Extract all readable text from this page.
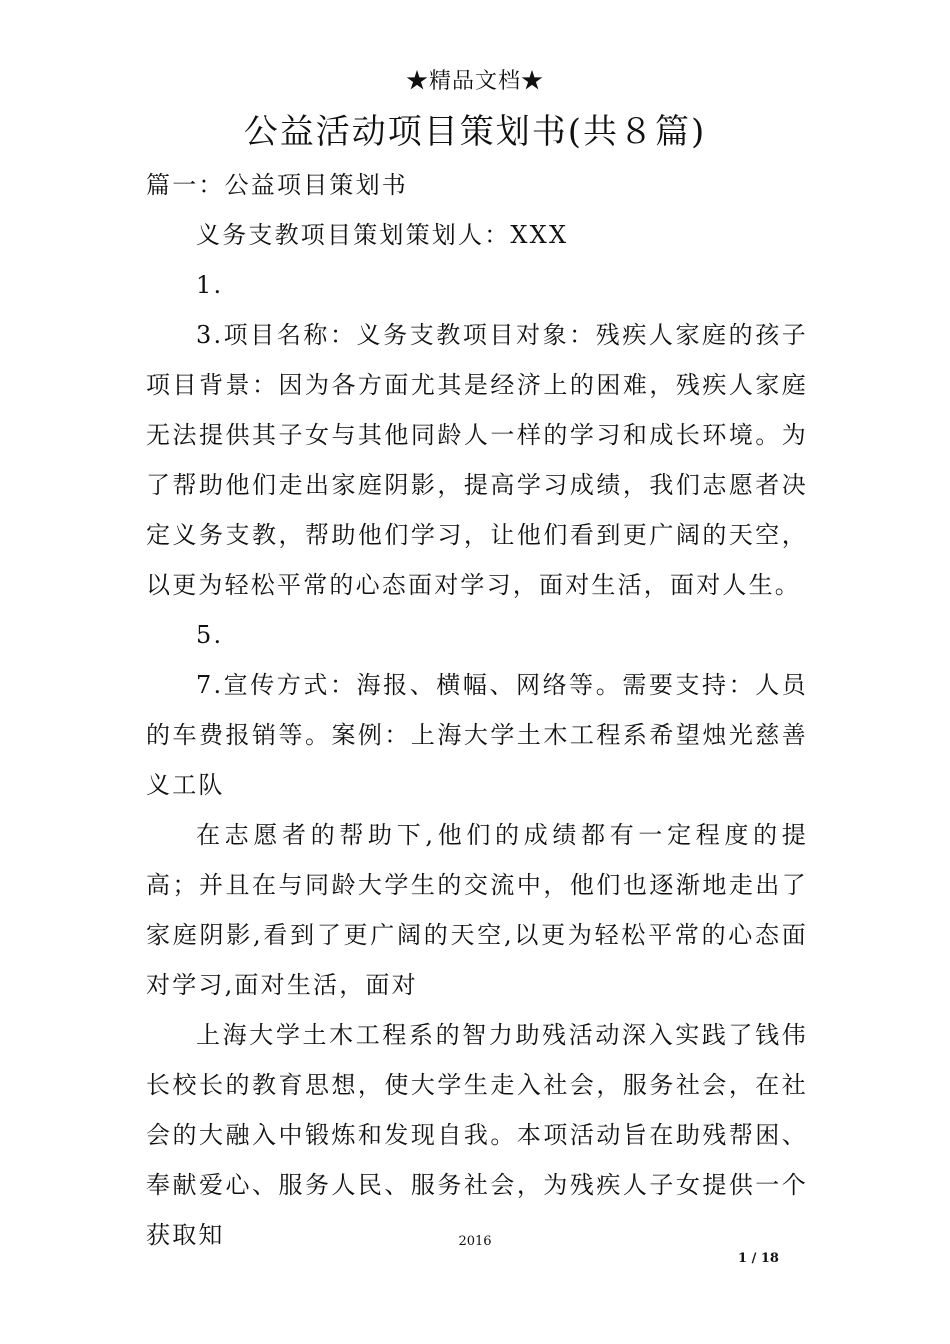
★精品文档★
公益活动项目策划书(共８篇)

篇一：公益项目策划书

义务支教项目策划策划人：XXX

1.

3.项目名称：义务支教项目对象：残疾人家庭的孩子项目背景：因为各方面尤其是经济上的困难，残疾人家庭无法提供其子女与其他同龄人一样的学习和成长环境。为了帮助他们走出家庭阴影，提高学习成绩，我们志愿者决定义务支教，帮助他们学习，让他们看到更广阔的天空，以更为轻松平常的心态面对学习，面对生活，面对人生。

5.

7.宣传方式：海报、横幅、网络等。需要支持：人员的车费报销等。案例：上海大学土木工程系希望烛光慈善义工队

在志愿者的帮助下,他们的成绩都有一定程度的提高；并且在与同龄大学生的交流中，他们也逐渐地走出了家庭阴影,看到了更广阔的天空,以更为轻松平常的心态面对学习,面对生活，面对

上海大学土木工程系的智力助残活动深入实践了钱伟长校长的教育思想，使大学生走入社会，服务社会，在社会的大融入中锻炼和发现自我。本项活动旨在助残帮困、奉献爱心、服务人民、服务社会，为残疾人子女提供一个获取知	2016
1 / 18
